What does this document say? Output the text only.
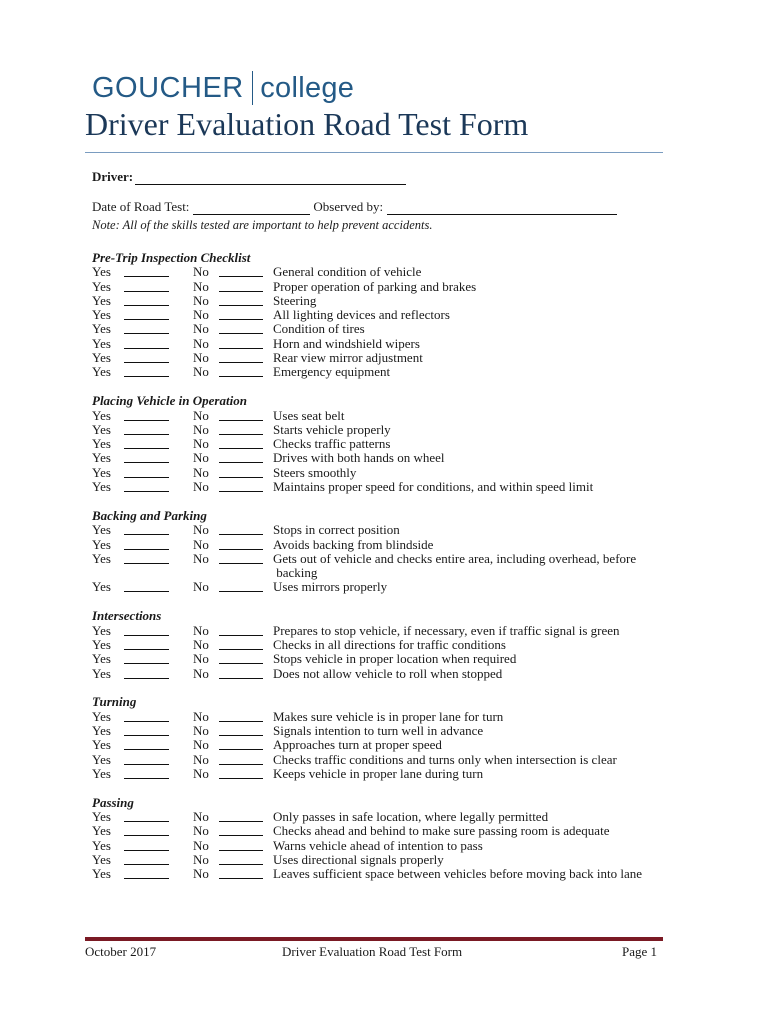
GOUCHER college
Driver Evaluation Road Test Form
Driver:
Date of Road Test:	Observed by:
Note: All of the skills tested are important to help prevent accidents.
Pre-Trip Inspection Checklist
Yes	No	General condition of vehicle
Yes	No	Proper operation of parking and brakes
Yes	No	Steering
Yes	No	All lighting devices and reflectors
Yes	No	Condition of tires
Yes	No	Horn and windshield wipers
Yes	No	Rear view mirror adjustment
Yes	No	Emergency equipment
Placing Vehicle in Operation
Yes	No	Uses seat belt
Yes	No	Starts vehicle properly
Yes	No	Checks traffic patterns
Yes	No	Drives with both hands on wheel
Yes	No	Steers smoothly
Yes	No	Maintains proper speed for conditions, and within speed limit
Backing and Parking
Yes	No	Stops in correct position
Yes	No	Avoids backing from blindside
Yes	No	Gets out of vehicle and checks entire area, including overhead, before
backing
Yes	No	Uses mirrors properly
Intersections
Yes	No	Prepares to stop vehicle, if necessary, even if traffic signal is green
Yes	No	Checks in all directions for traffic conditions
Yes	No	Stops vehicle in proper location when required
Yes	No	Does not allow vehicle to roll when stopped
Turning
Yes	No	Makes sure vehicle is in proper lane for turn
Yes	No	Signals intention to turn well in advance
Yes	No	Approaches turn at proper speed
Yes	No	Checks traffic conditions and turns only when intersection is clear
Yes	No	Keeps vehicle in proper lane during turn
Passing
Yes	No	Only passes in safe location, where legally permitted
Yes	No	Checks ahead and behind to make sure passing room is adequate
Yes	No	Warns vehicle ahead of intention to pass
Yes	No	Uses directional signals properly
Yes	No	Leaves sufficient space between vehicles before moving back into lane
October 2017	Driver Evaluation Road Test Form	Page 1
